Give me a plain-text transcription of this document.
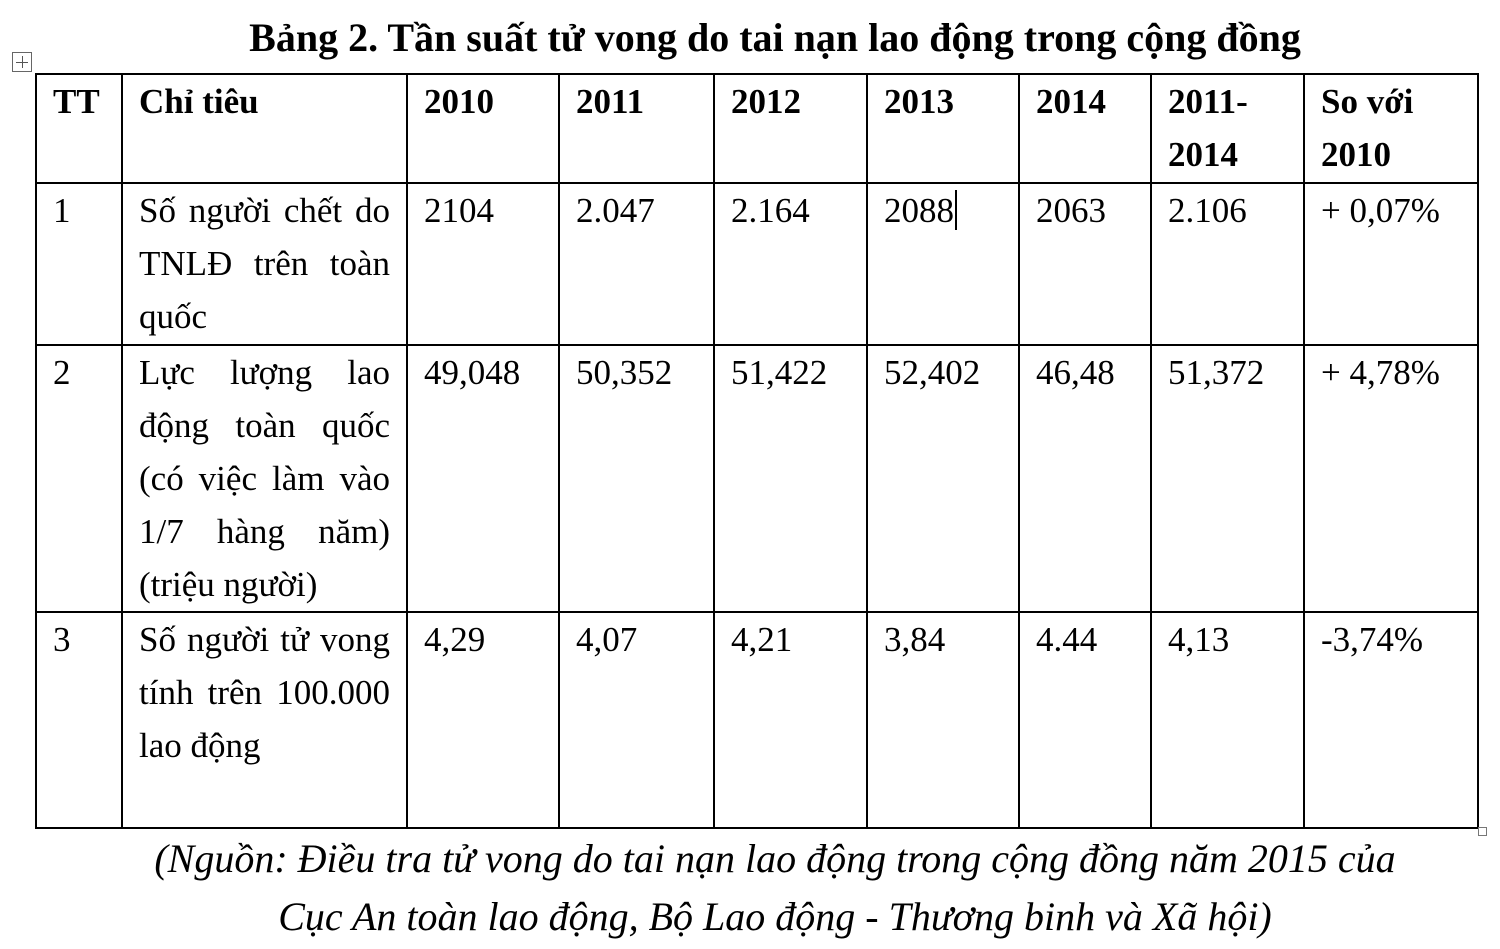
Bảng 2. Tần suất tử vong do tai nạn lao động trong cộng đồng
TT	Chỉ tiêu	2010	2011	2012	2013	2014	2011-2014	So với 2010
1	Số người chết do TNLĐ trên toàn quốc	2104	2.047	2.164	2088	2063	2.106	+ 0,07%
2	Lực lượng lao động toàn quốc (có việc làm vào 1/7 hàng năm) (triệu người)	49,048	50,352	51,422	52,402	46,48	51,372	+ 4,78%
3	Số người tử vong tính trên 100.000 lao động	4,29	4,07	4,21	3,84	4.44	4,13	-3,74%
(Nguồn: Điều tra tử vong do tai nạn lao động trong cộng đồng năm 2015 của
Cục An toàn lao động, Bộ Lao động - Thương binh và Xã hội)
